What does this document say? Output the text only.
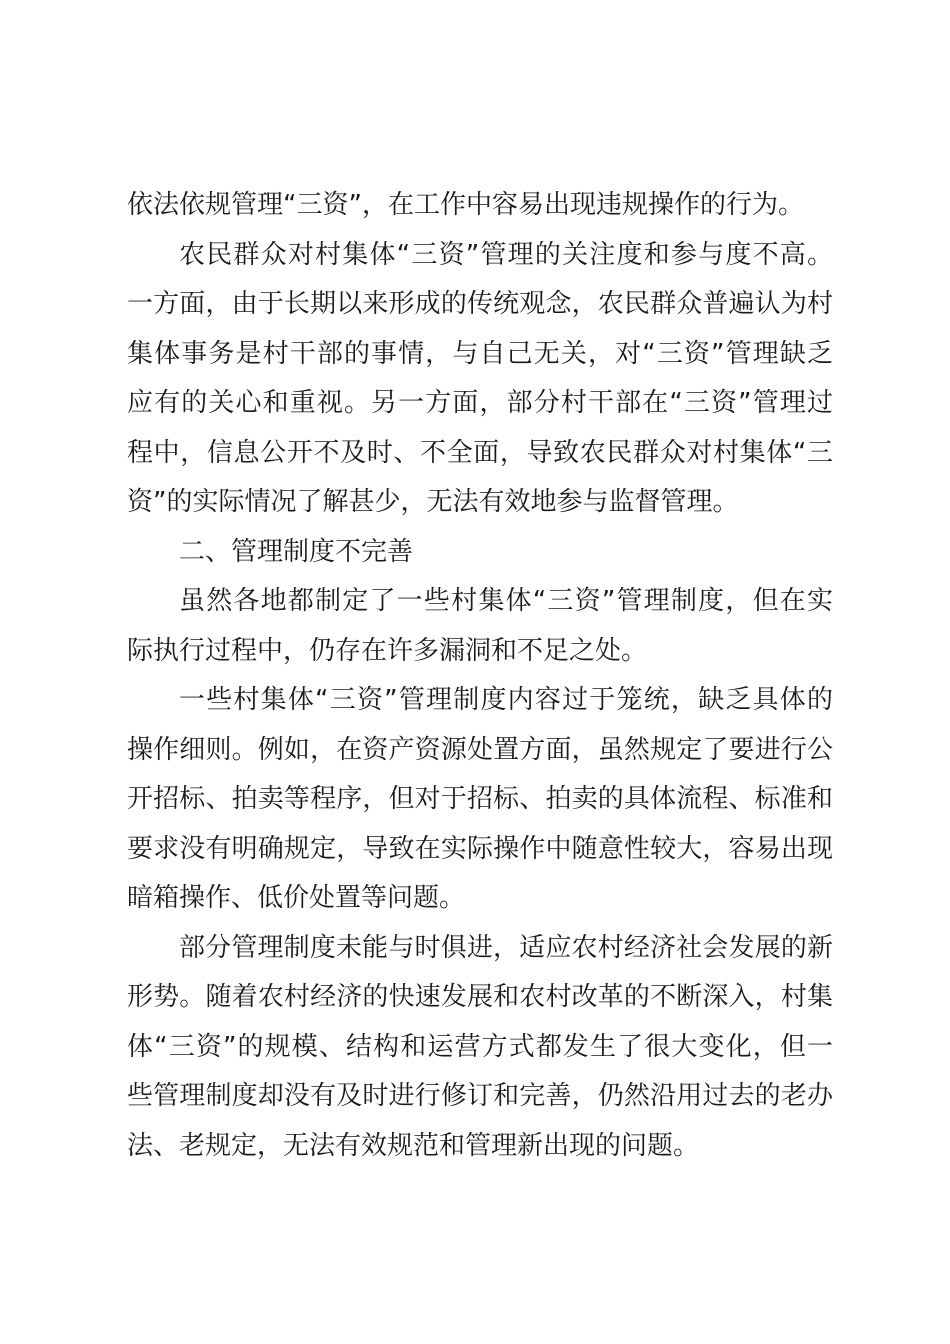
依法依规管理“三资”，在工作中容易出现违规操作的行为。
农民群众对村集体“三资”管理的关注度和参与度不高。
一方面，由于长期以来形成的传统观念，农民群众普遍认为村
集体事务是村干部的事情，与自己无关，对“三资”管理缺乏
应有的关心和重视。另一方面，部分村干部在“三资”管理过
程中，信息公开不及时、不全面，导致农民群众对村集体“三
资”的实际情况了解甚少，无法有效地参与监督管理。
二、管理制度不完善
虽然各地都制定了一些村集体“三资”管理制度，但在实
际执行过程中，仍存在许多漏洞和不足之处。
一些村集体“三资”管理制度内容过于笼统，缺乏具体的
操作细则。例如，在资产资源处置方面，虽然规定了要进行公
开招标、拍卖等程序，但对于招标、拍卖的具体流程、标准和
要求没有明确规定，导致在实际操作中随意性较大，容易出现
暗箱操作、低价处置等问题。
部分管理制度未能与时俱进，适应农村经济社会发展的新
形势。随着农村经济的快速发展和农村改革的不断深入，村集
体“三资”的规模、结构和运营方式都发生了很大变化，但一
些管理制度却没有及时进行修订和完善，仍然沿用过去的老办
法、老规定，无法有效规范和管理新出现的问题。
